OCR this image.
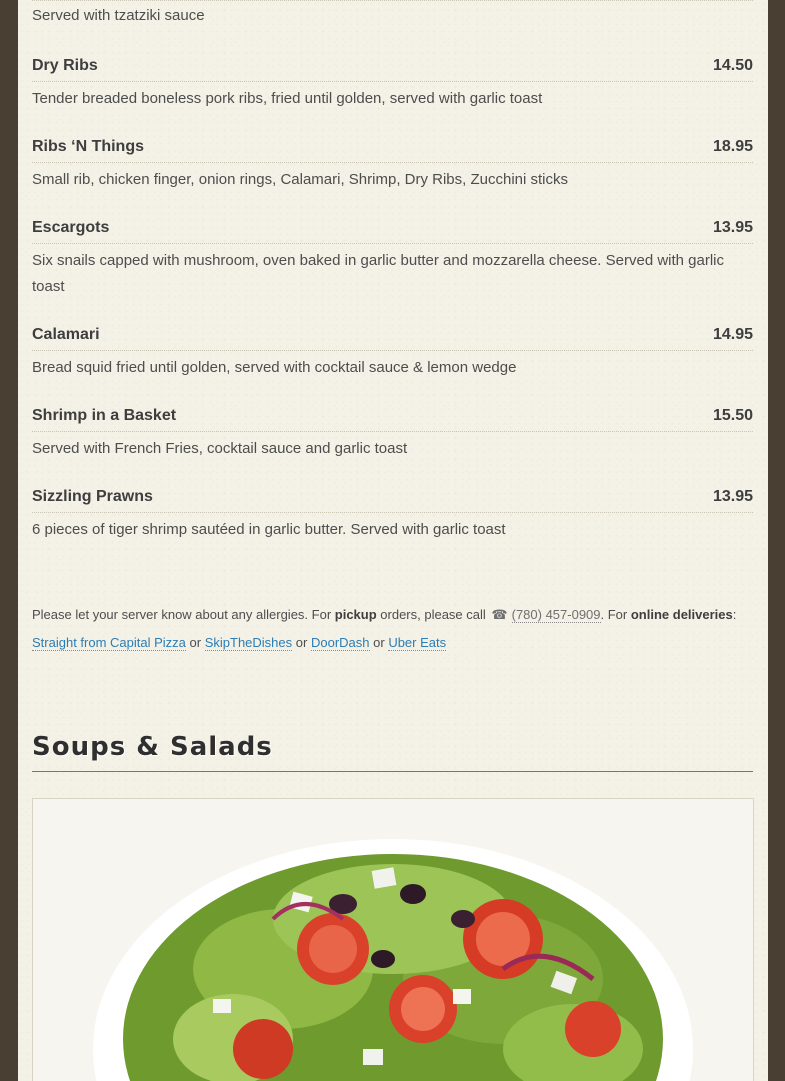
Served with tzatziki sauce
Dry Ribs	14.50
Tender breaded boneless pork ribs, fried until golden, served with garlic toast
Ribs ‘N Things	18.95
Small rib, chicken finger, onion rings, Calamari, Shrimp, Dry Ribs, Zucchini sticks
Escargots	13.95
Six snails capped with mushroom, oven baked in garlic butter and mozzarella cheese. Served with garlic toast
Calamari	14.95
Bread squid fried until golden, served with cocktail sauce & lemon wedge
Shrimp in a Basket	15.50
Served with French Fries, cocktail sauce and garlic toast
Sizzling Prawns	13.95
6 pieces of tiger shrimp sautéed in garlic butter. Served with garlic toast
Please let your server know about any allergies. For pickup orders, please call ☎ (780) 457-0909. For online deliveries: Straight from Capital Pizza or SkipTheDishes or DoorDash or Uber Eats
Soups & Salads
